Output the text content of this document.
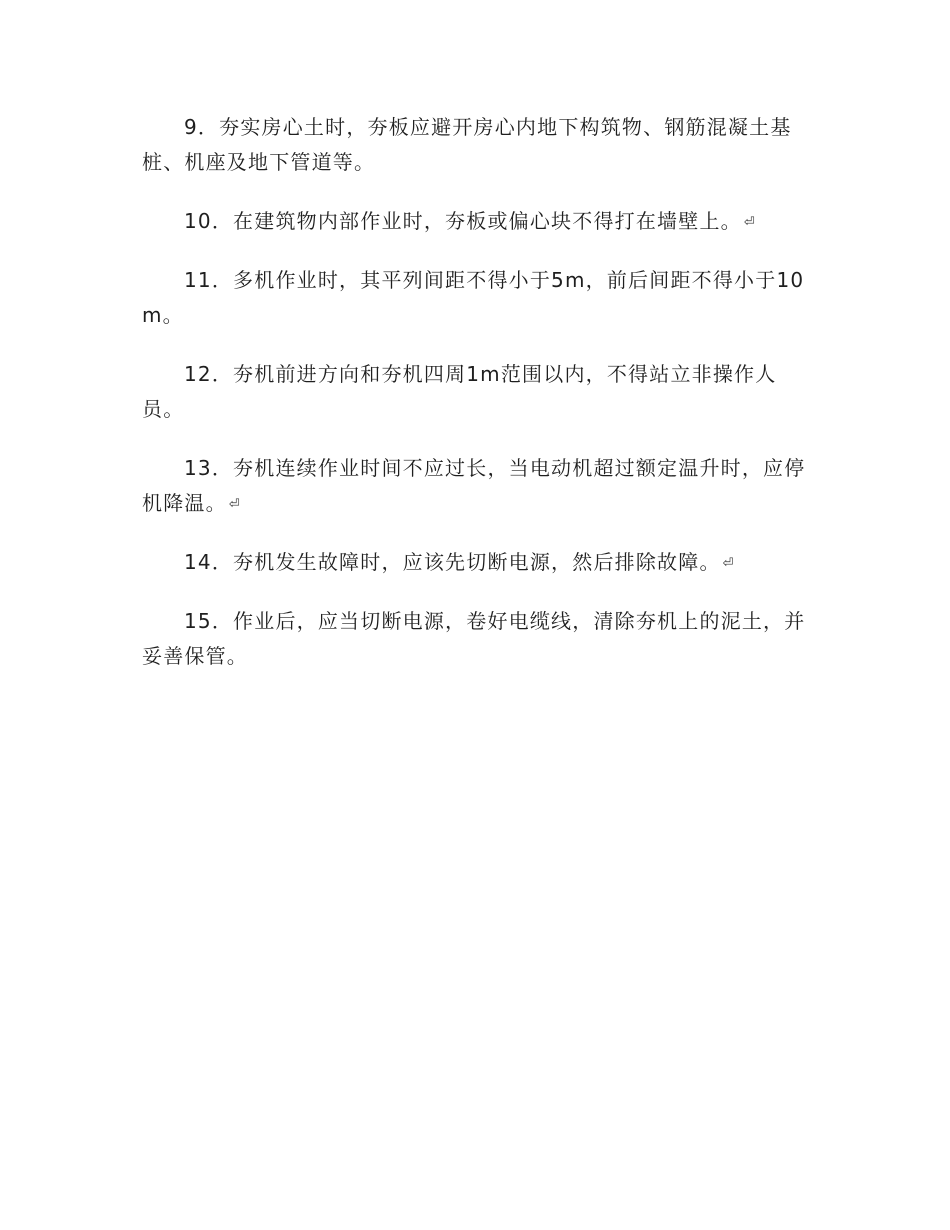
9．夯实房心土时，夯板应避开房心内地下构筑物、钢筋混凝土基桩、机座及地下管道等。

10．在建筑物内部作业时，夯板或偏心块不得打在墙壁上。 ⏎

11．多机作业时，其平列间距不得小于5m，前后间距不得小于10m。

12．夯机前进方向和夯机四周1m范围以内，不得站立非操作人员。

13．夯机连续作业时间不应过长，当电动机超过额定温升时，应停机降温。 ⏎

14．夯机发生故障时，应该先切断电源，然后排除故障。 ⏎

15．作业后，应当切断电源，卷好电缆线，清除夯机上的泥土，并妥善保管。
